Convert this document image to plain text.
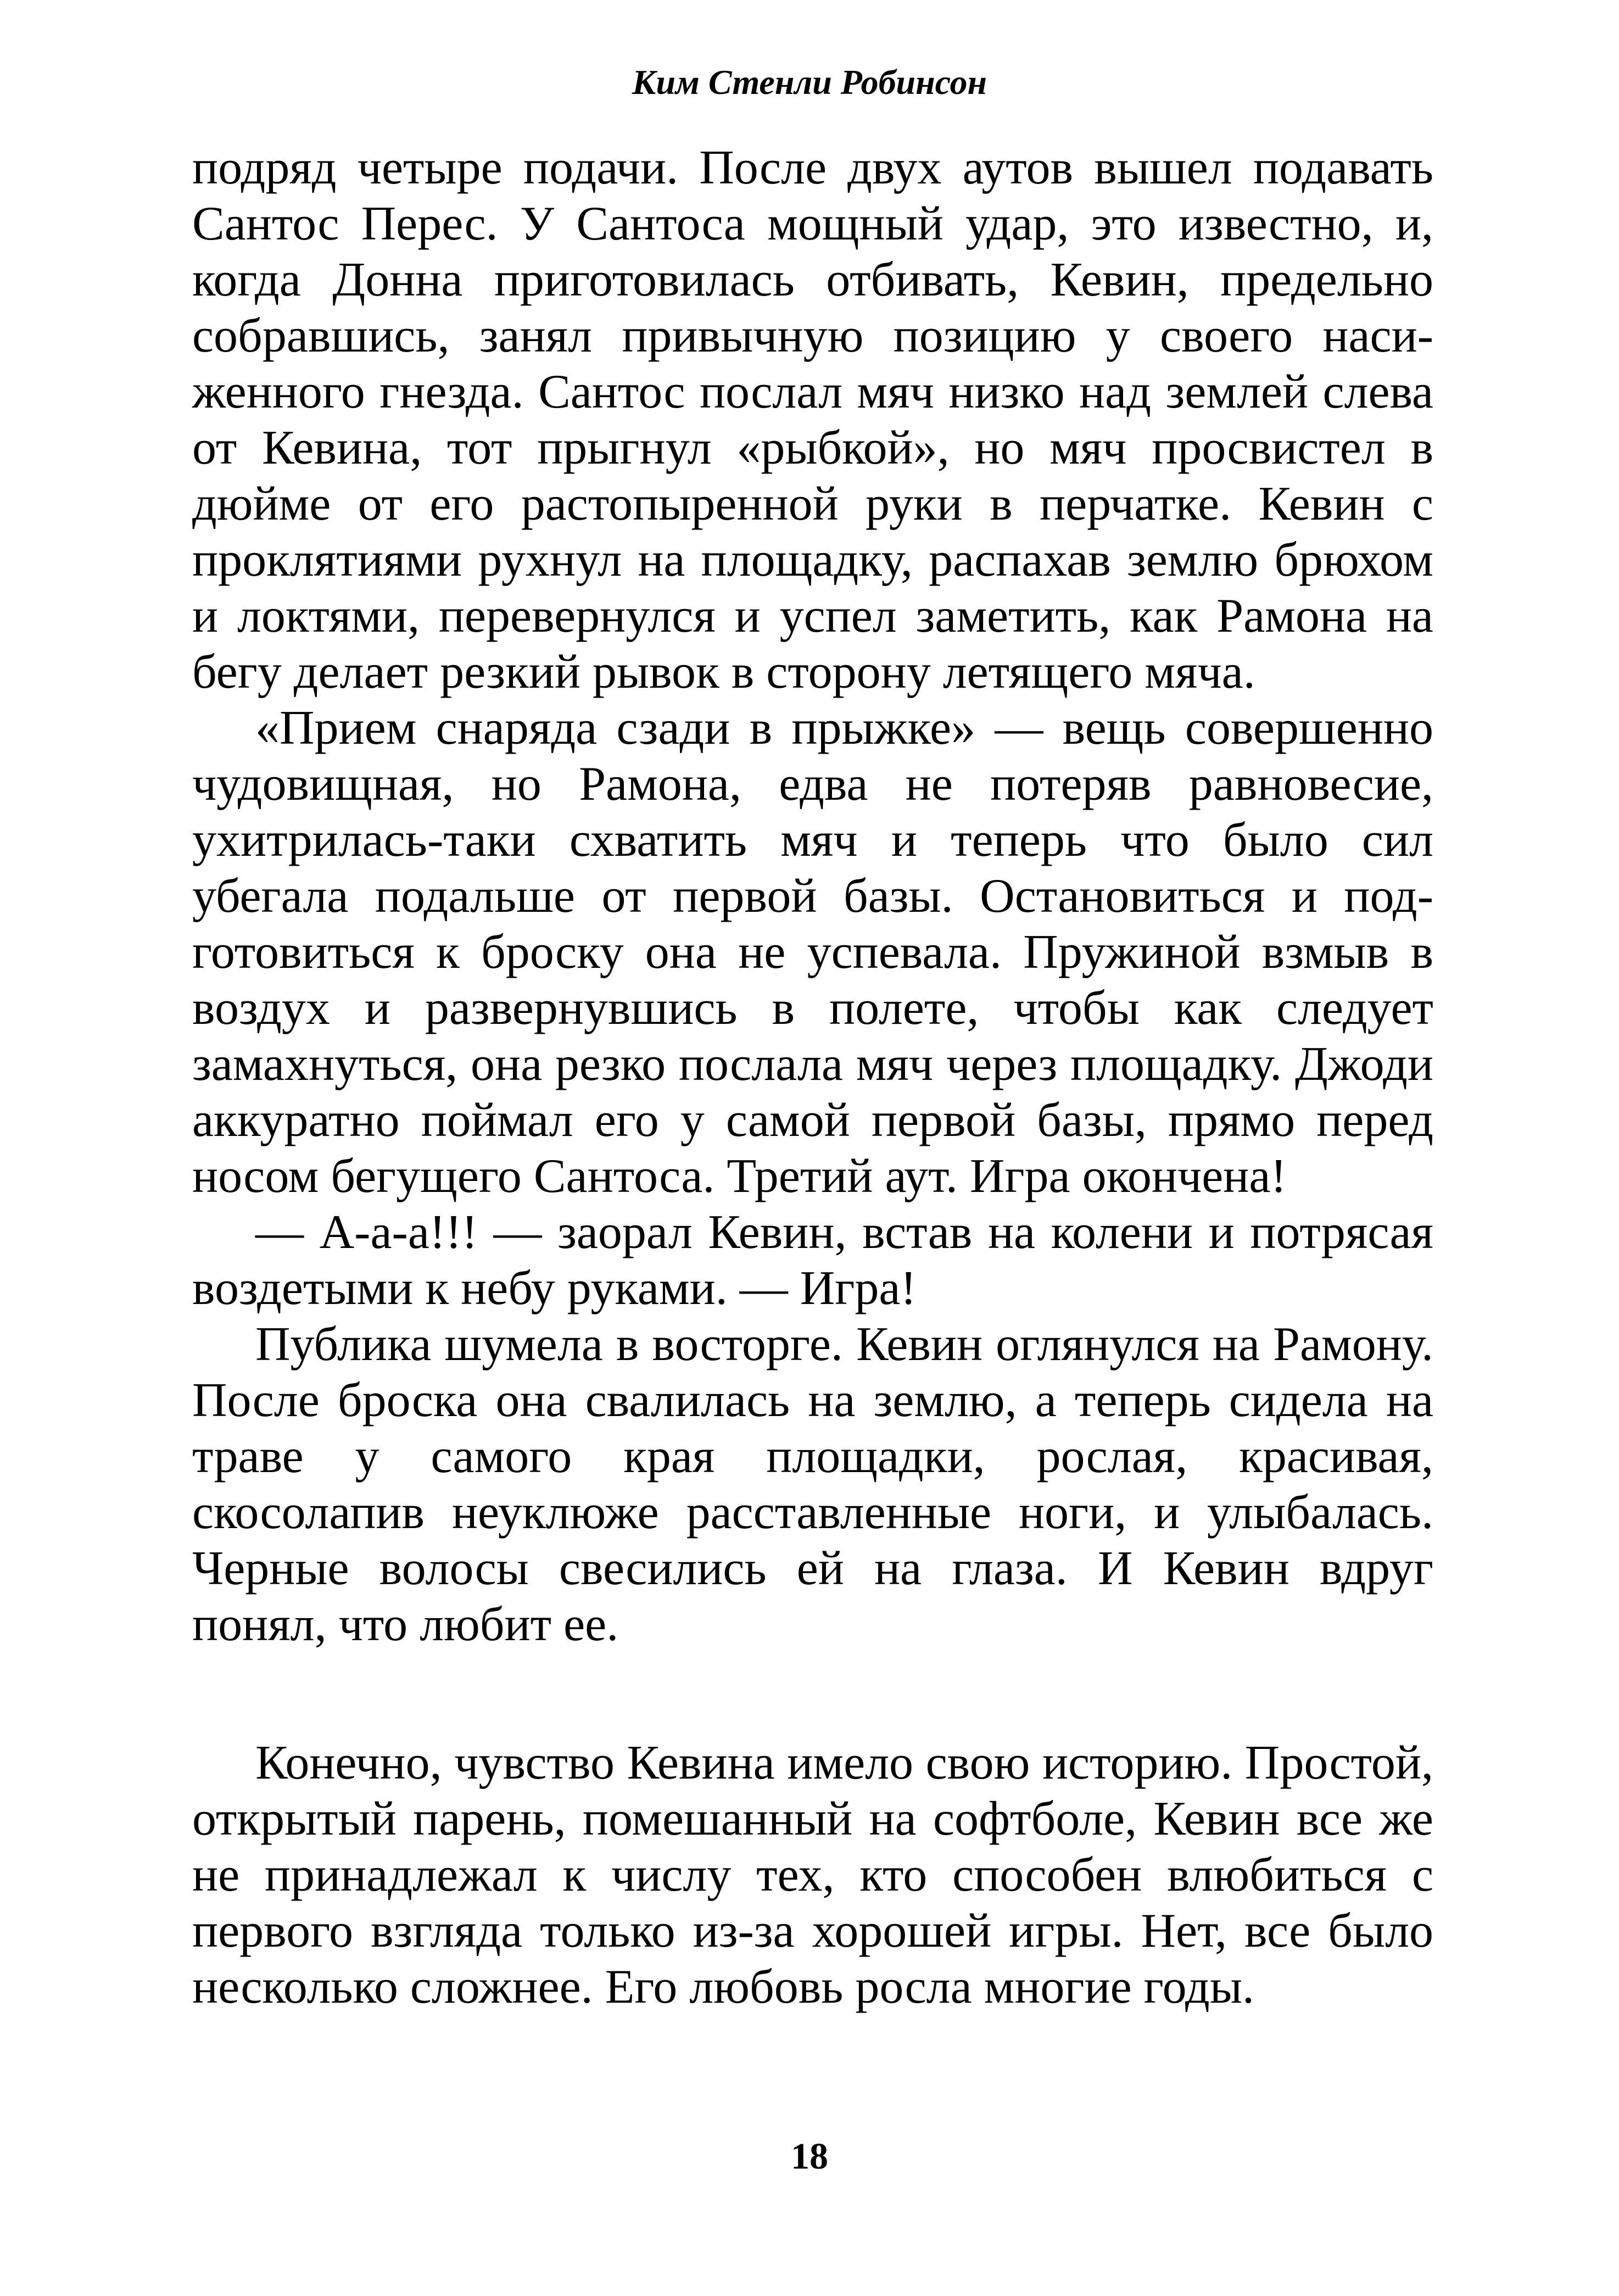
Ким Стенли Робинсон

подряд четыре подачи. После двух аутов вышел подавать Сантос Перес. У Сантоса мощный удар, это известно, и, когда Донна приготовилась отбивать, Кевин, предельно собравшись, занял привычную позицию у своего насиженного гнезда. Сантос послал мяч низко над землей слева от Кевина, тот прыгнул «рыбкой», но мяч просвистел в дюйме от его растопыренной руки в перчатке. Кевин с проклятиями рухнул на площадку, распахав землю брюхом и локтями, перевернулся и успел заметить, как Рамона на бегу делает резкий рывок в сторону летящего мяча.

«Прием снаряда сзади в прыжке» — вещь совершенно чудовищная, но Рамона, едва не потеряв равновесие, ухитрилась-таки схватить мяч и теперь что было сил убегала подальше от первой базы. Остановиться и подготовиться к броску она не успевала. Пружиной взмыв в воздух и развернувшись в полете, чтобы как следует замахнуться, она резко послала мяч через площадку. Джоди аккуратно поймал его у самой первой базы, прямо перед носом бегущего Сантоса. Третий аут. Игра окончена!

— А-а-а!!! — заорал Кевин, встав на колени и потрясая воздетыми к небу руками. — Игра!

Публика шумела в восторге. Кевин оглянулся на Рамону. После броска она свалилась на землю, а теперь сидела на траве у самого края площадки, рослая, красивая, скосолапив неуклюже расставленные ноги, и улыбалась. Черные волосы свесились ей на глаза. И Кевин вдруг понял, что любит ее.

Конечно, чувство Кевина имело свою историю. Простой, открытый парень, помешанный на софтболе, Кевин все же не принадлежал к числу тех, кто способен влюбиться с первого взгляда только из-за хорошей игры. Нет, все было несколько сложнее. Его любовь росла многие годы.

18
